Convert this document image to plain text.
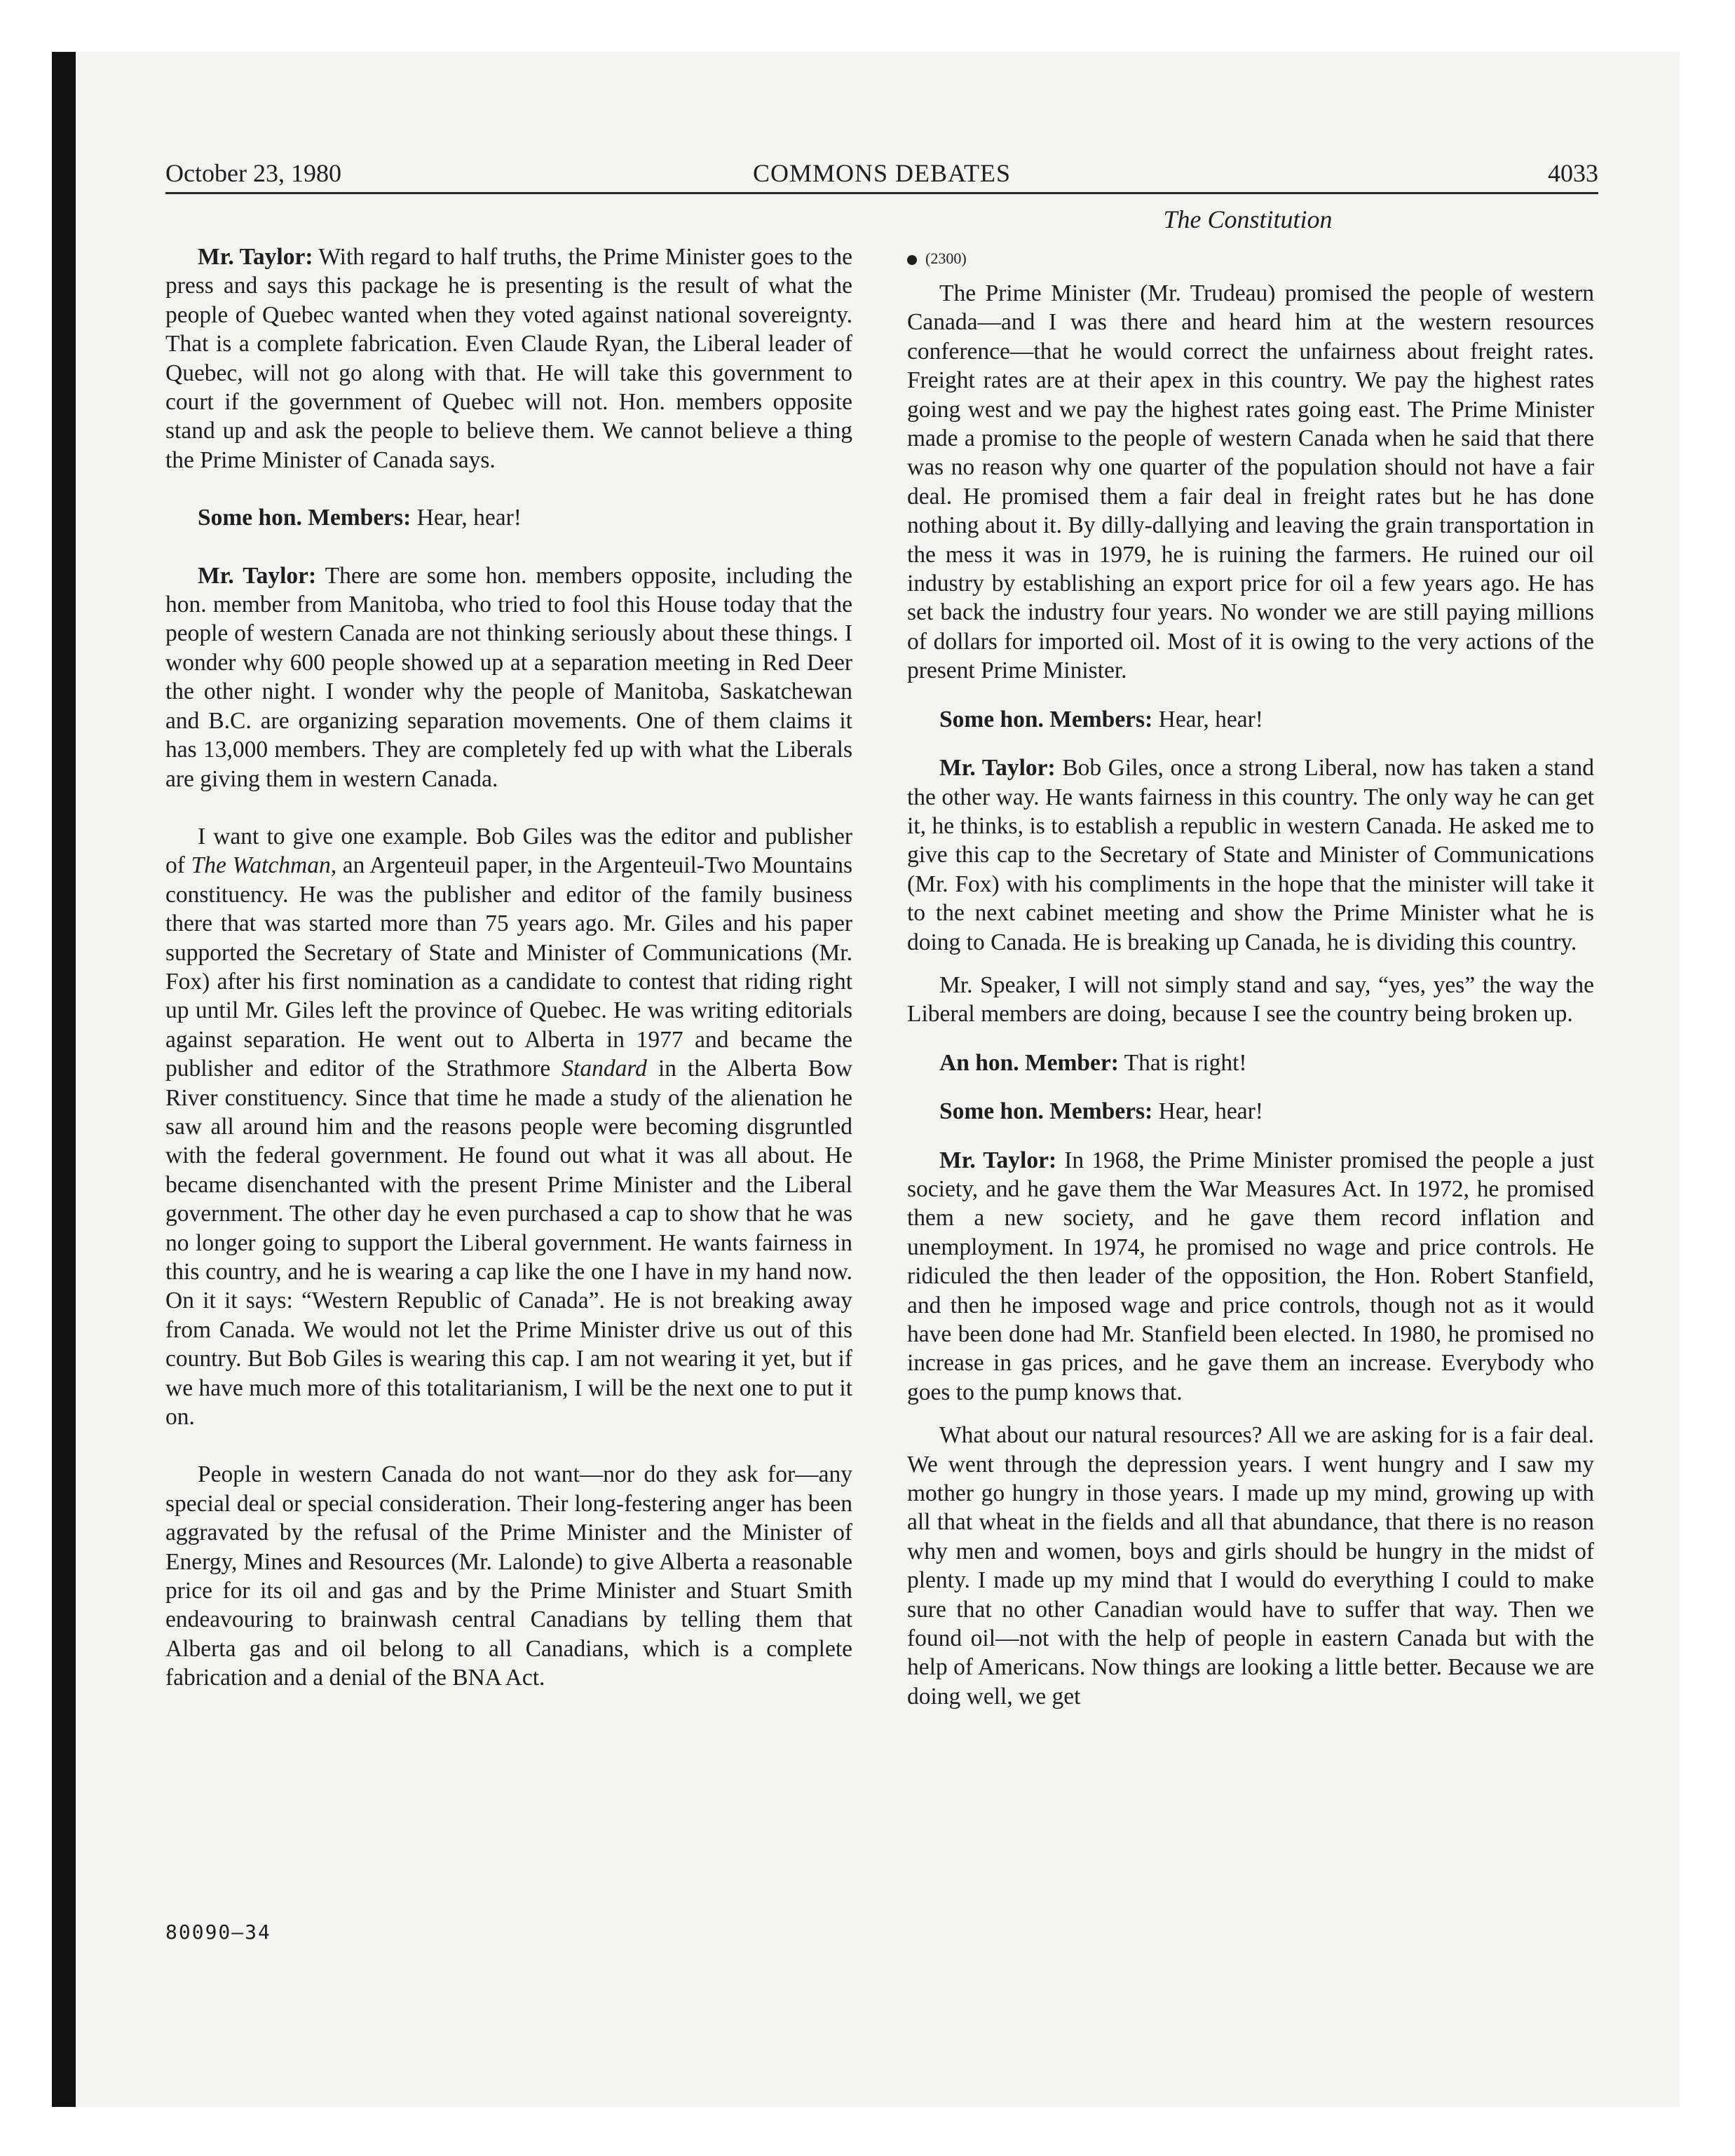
October 23, 1980	COMMONS DEBATES	4033
The Constitution

Mr. Taylor: With regard to half truths, the Prime Minister goes to the press and says this package he is presenting is the result of what the people of Quebec wanted when they voted against national sovereignty. That is a complete fabrication. Even Claude Ryan, the Liberal leader of Quebec, will not go along with that. He will take this government to court if the government of Quebec will not. Hon. members opposite stand up and ask the people to believe them. We cannot believe a thing the Prime Minister of Canada says.

Some hon. Members: Hear, hear!

Mr. Taylor: There are some hon. members opposite, including the hon. member from Manitoba, who tried to fool this House today that the people of western Canada are not thinking seriously about these things. I wonder why 600 people showed up at a separation meeting in Red Deer the other night. I wonder why the people of Manitoba, Saskatchewan and B.C. are organizing separation movements. One of them claims it has 13,000 members. They are completely fed up with what the Liberals are giving them in western Canada.

I want to give one example. Bob Giles was the editor and publisher of The Watchman, an Argenteuil paper, in the Argenteuil-Two Mountains constituency. He was the publisher and editor of the family business there that was started more than 75 years ago. Mr. Giles and his paper supported the Secretary of State and Minister of Communications (Mr. Fox) after his first nomination as a candidate to contest that riding right up until Mr. Giles left the province of Quebec. He was writing editorials against separation. He went out to Alberta in 1977 and became the publisher and editor of the Strathmore Standard in the Alberta Bow River constituency. Since that time he made a study of the alienation he saw all around him and the reasons people were becoming disgruntled with the federal government. He found out what it was all about. He became disenchanted with the present Prime Minister and the Liberal government. The other day he even purchased a cap to show that he was no longer going to support the Liberal government. He wants fairness in this country, and he is wearing a cap like the one I have in my hand now. On it it says: “Western Republic of Canada”. He is not breaking away from Canada. We would not let the Prime Minister drive us out of this country. But Bob Giles is wearing this cap. I am not wearing it yet, but if we have much more of this totalitarianism, I will be the next one to put it on.

People in western Canada do not want—nor do they ask for—any special deal or special consideration. Their long-festering anger has been aggravated by the refusal of the Prime Minister and the Minister of Energy, Mines and Resources (Mr. Lalonde) to give Alberta a reasonable price for its oil and gas and by the Prime Minister and Stuart Smith endeavouring to brainwash central Canadians by telling them that Alberta gas and oil belong to all Canadians, which is a complete fabrication and a denial of the BNA Act.

(2300)

The Prime Minister (Mr. Trudeau) promised the people of western Canada—and I was there and heard him at the western resources conference—that he would correct the unfairness about freight rates. Freight rates are at their apex in this country. We pay the highest rates going west and we pay the highest rates going east. The Prime Minister made a promise to the people of western Canada when he said that there was no reason why one quarter of the population should not have a fair deal. He promised them a fair deal in freight rates but he has done nothing about it. By dilly-dallying and leaving the grain transportation in the mess it was in 1979, he is ruining the farmers. He ruined our oil industry by establishing an export price for oil a few years ago. He has set back the industry four years. No wonder we are still paying millions of dollars for imported oil. Most of it is owing to the very actions of the present Prime Minister.

Some hon. Members: Hear, hear!

Mr. Taylor: Bob Giles, once a strong Liberal, now has taken a stand the other way. He wants fairness in this country. The only way he can get it, he thinks, is to establish a republic in western Canada. He asked me to give this cap to the Secretary of State and Minister of Communications (Mr. Fox) with his compliments in the hope that the minister will take it to the next cabinet meeting and show the Prime Minister what he is doing to Canada. He is breaking up Canada, he is dividing this country.

Mr. Speaker, I will not simply stand and say, “yes, yes” the way the Liberal members are doing, because I see the country being broken up.

An hon. Member: That is right!

Some hon. Members: Hear, hear!

Mr. Taylor: In 1968, the Prime Minister promised the people a just society, and he gave them the War Measures Act. In 1972, he promised them a new society, and he gave them record inflation and unemployment. In 1974, he promised no wage and price controls. He ridiculed the then leader of the opposition, the Hon. Robert Stanfield, and then he imposed wage and price controls, though not as it would have been done had Mr. Stanfield been elected. In 1980, he promised no increase in gas prices, and he gave them an increase. Everybody who goes to the pump knows that.

What about our natural resources? All we are asking for is a fair deal. We went through the depression years. I went hungry and I saw my mother go hungry in those years. I made up my mind, growing up with all that wheat in the fields and all that abundance, that there is no reason why men and women, boys and girls should be hungry in the midst of plenty. I made up my mind that I would do everything I could to make sure that no other Canadian would have to suffer that way. Then we found oil—not with the help of people in eastern Canada but with the help of Americans. Now things are looking a little better. Because we are doing well, we get

80090—34
